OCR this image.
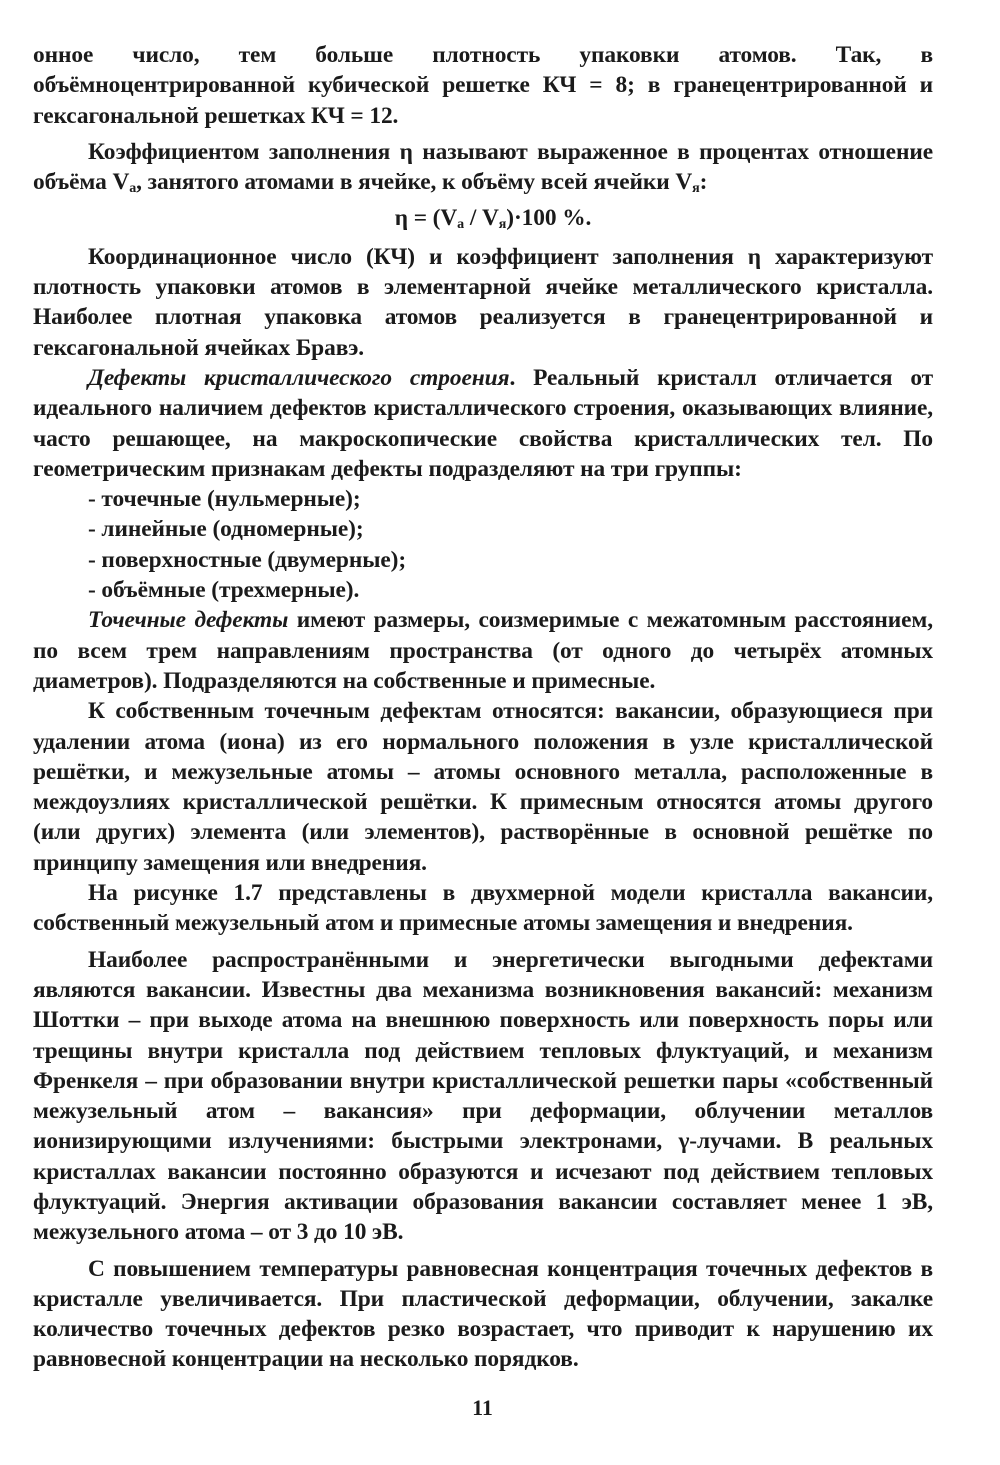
онное число, тем больше плотность упаковки атомов. Так, в объёмноцентрированной кубической решетке КЧ = 8; в гранецентрированной и гексагональной решетках КЧ = 12.

Коэффициентом заполнения η называют выраженное в процентах отношение объёма $V_а$, занятого атомами в ячейке, к объёму всей ячейки $V_я$:

$\eta = (V_а / V_я)\cdot 100$ %.

Координационное число (КЧ) и коэффициент заполнения η характеризуют плотность упаковки атомов в элементарной ячейке металлического кристалла. Наиболее плотная упаковка атомов реализуется в гранецентрированной и гексагональной ячейках Бравэ.

Дефекты кристаллического строения. Реальный кристалл отличается от идеального наличием дефектов кристаллического строения, оказывающих влияние, часто решающее, на макроскопические свойства кристаллических тел. По геометрическим признакам дефекты подразделяют на три группы:

- точечные (нульмерные);

- линейные (одномерные);

- поверхностные (двумерные);

- объёмные (трехмерные).

Точечные дефекты имеют размеры, соизмеримые с межатомным расстоянием, по всем трем направлениям пространства (от одного до четырёх атомных диаметров). Подразделяются на собственные и примесные.

К собственным точечным дефектам относятся: вакансии, образующиеся при удалении атома (иона) из его нормального положения в узле кристаллической решётки, и межузельные атомы – атомы основного металла, расположенные в междоузлиях кристаллической решётки. К примесным относятся атомы другого (или других) элемента (или элементов), растворённые в основной решётке по принципу замещения или внедрения.

На рисунке 1.7 представлены в двухмерной модели кристалла вакансии, собственный межузельный атом и примесные атомы замещения и внедрения.

Наиболее распространёнными и энергетически выгодными дефектами являются вакансии. Известны два механизма возникновения вакансий: механизм Шоттки – при выходе атома на внешнюю поверхность или поверхность поры или трещины внутри кристалла под действием тепловых флуктуаций, и механизм Френкеля – при образовании внутри кристаллической решетки пары «собственный межузельный атом – вакансия» при деформации, облучении металлов ионизирующими излучениями: быстрыми электронами, γ-лучами. В реальных кристаллах вакансии постоянно образуются и исчезают под действием тепловых флуктуаций. Энергия активации образования вакансии составляет менее 1 эВ, межузельного атома – от 3 до 10 эВ.

С повышением температуры равновесная концентрация точечных дефектов в кристалле увеличивается. При пластической деформации, облучении, закалке количество точечных дефектов резко возрастает, что приводит к нарушению их равновесной концентрации на несколько порядков.

11
